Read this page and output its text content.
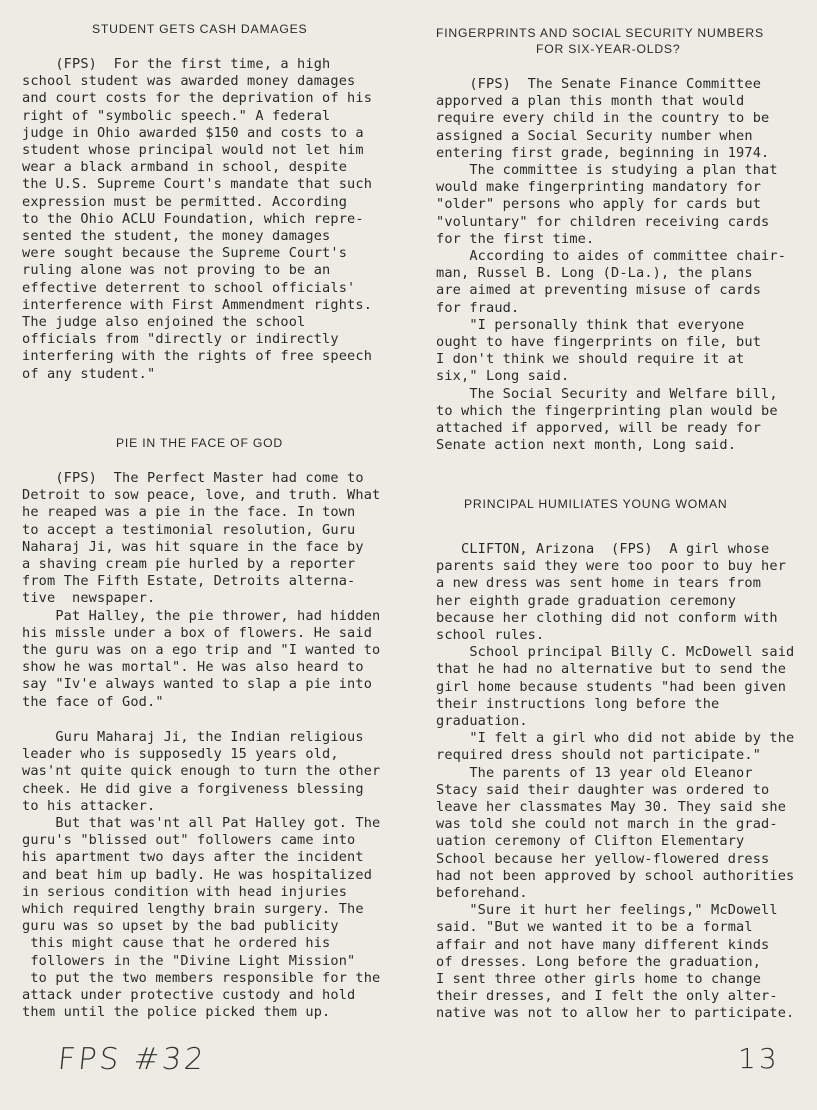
STUDENT GETS CASH DAMAGES
(FPS)  For the first time, a high
school student was awarded money damages
and court costs for the deprivation of his
right of "symbolic speech." A federal
judge in Ohio awarded $150 and costs to a
student whose principal would not let him
wear a black armband in school, despite
the U.S. Supreme Court's mandate that such
expression must be permitted. According
to the Ohio ACLU Foundation, which repre-
sented the student, the money damages
were sought because the Supreme Court's
ruling alone was not proving to be an
effective deterrent to school officials'
interference with First Ammendment rights.
The judge also enjoined the school
officials from "directly or indirectly
interfering with the rights of free speech
of any student."
PIE IN THE FACE OF GOD
(FPS)  The Perfect Master had come to
Detroit to sow peace, love, and truth. What
he reaped was a pie in the face. In town
to accept a testimonial resolution, Guru
Naharaj Ji, was hit square in the face by
a shaving cream pie hurled by a reporter
from The Fifth Estate, Detroits alterna-
tive  newspaper.
Pat Halley, the pie thrower, had hidden
his missle under a box of flowers. He said
the guru was on a ego trip and "I wanted to
show he was mortal". He was also heard to
say "Iv'e always wanted to slap a pie into
the face of God."
Guru Maharaj Ji, the Indian religious
leader who is supposedly 15 years old,
was'nt quite quick enough to turn the other
cheek. He did give a forgiveness blessing
to his attacker.
But that was'nt all Pat Halley got. The
guru's "blissed out" followers came into
his apartment two days after the incident
and beat him up badly. He was hospitalized
in serious condition with head injuries
which required lengthy brain surgery. The
guru was so upset by the bad publicity
this might cause that he ordered his
followers in the "Divine Light Mission"
to put the two members responsible for the
attack under protective custody and hold
them until the police picked them up.
FINGERPRINTS AND SOCIAL SECURITY NUMBERS
FOR SIX-YEAR-OLDS?
(FPS)  The Senate Finance Committee
apporved a plan this month that would
require every child in the country to be
assigned a Social Security number when
entering first grade, beginning in 1974.
The committee is studying a plan that
would make fingerprinting mandatory for
"older" persons who apply for cards but
"voluntary" for children receiving cards
for the first time.
According to aides of committee chair-
man, Russel B. Long (D-La.), the plans
are aimed at preventing misuse of cards
for fraud.
"I personally think that everyone
ought to have fingerprints on file, but
I don't think we should require it at
six," Long said.
The Social Security and Welfare bill,
to which the fingerprinting plan would be
attached if apporved, will be ready for
Senate action next month, Long said.
PRINCIPAL HUMILIATES YOUNG WOMAN
CLIFTON, Arizona  (FPS)  A girl whose
parents said they were too poor to buy her
a new dress was sent home in tears from
her eighth grade graduation ceremony
because her clothing did not conform with
school rules.
School principal Billy C. McDowell said
that he had no alternative but to send the
girl home because students "had been given
their instructions long before the
graduation.
"I felt a girl who did not abide by the
required dress should not participate."
The parents of 13 year old Eleanor
Stacy said their daughter was ordered to
leave her classmates May 30. They said she
was told she could not march in the grad-
uation ceremony of Clifton Elementary
School because her yellow-flowered dress
had not been approved by school authorities
beforehand.
"Sure it hurt her feelings," McDowell
said. "But we wanted it to be a formal
affair and not have many different kinds
of dresses. Long before the graduation,
I sent three other girls home to change
their dresses, and I felt the only alter-
native was not to allow her to participate.
FPS #32	13
